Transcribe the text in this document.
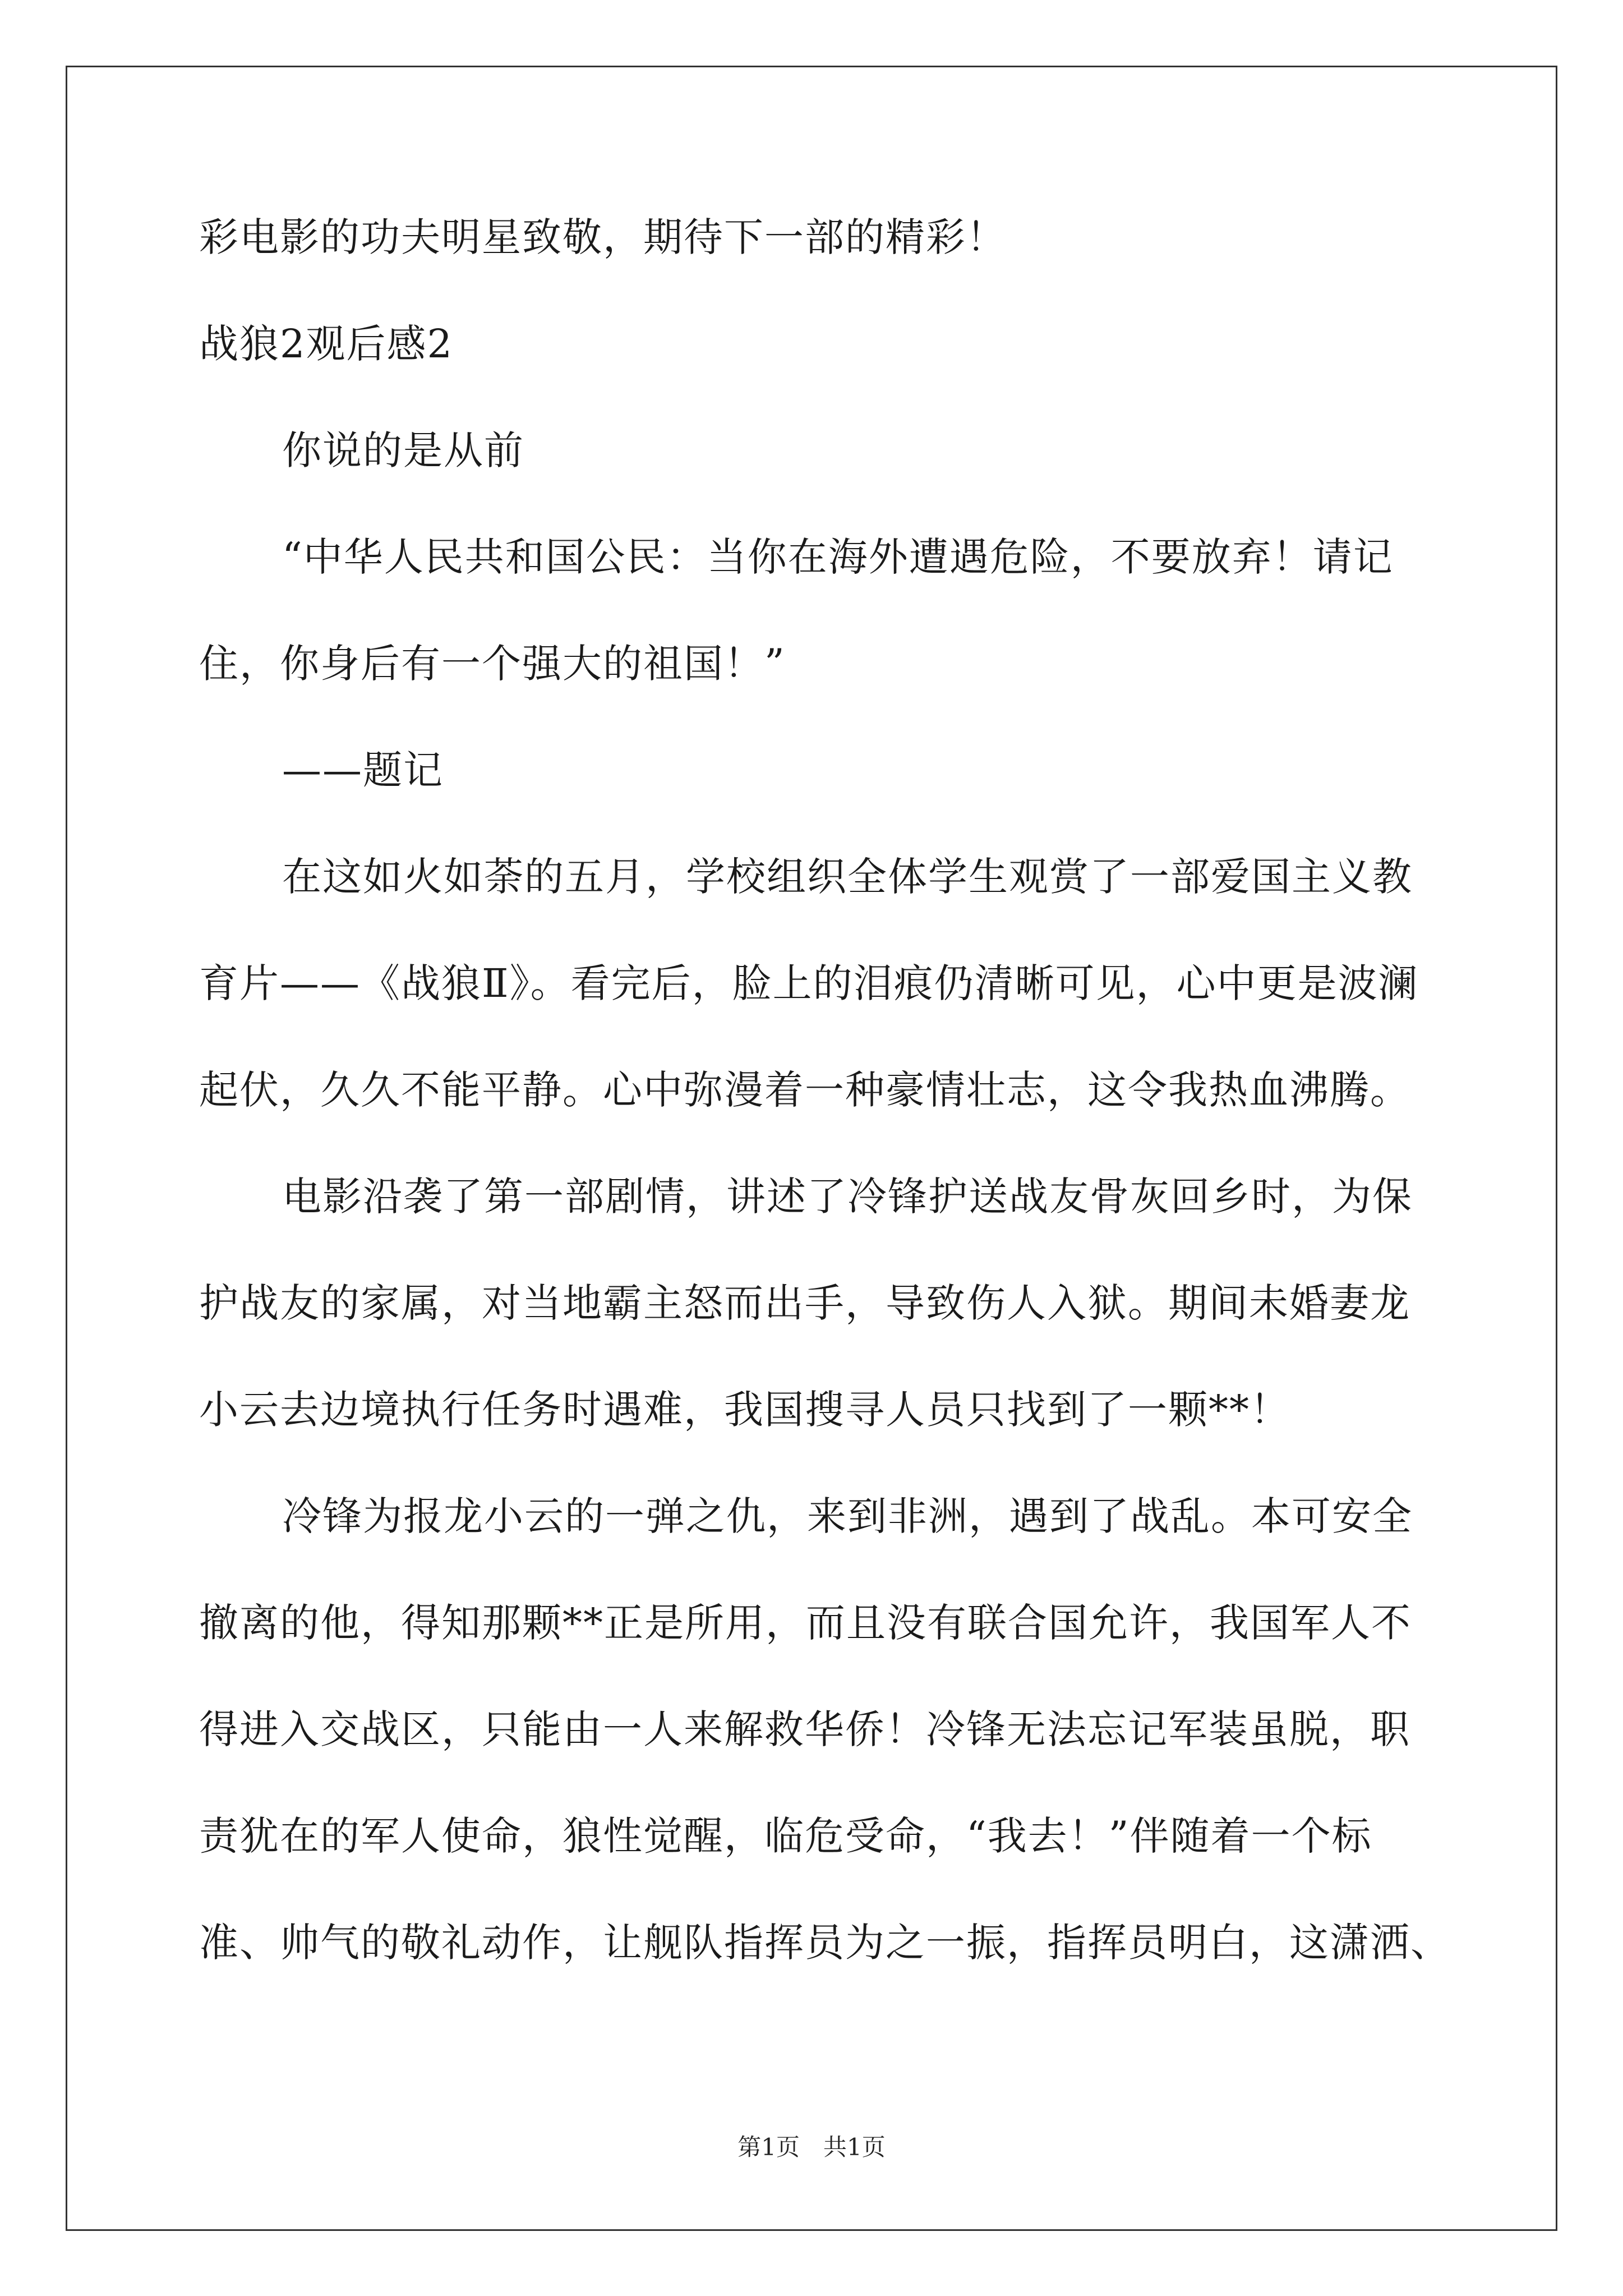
彩电影的功夫明星致敬，期待下一部的精彩！
战狼2观后感2
你说的是从前
“中华人民共和国公民：当你在海外遭遇危险，不要放弃！请记
住，你身后有一个强大的祖国！”
——题记
在这如火如荼的五月，学校组织全体学生观赏了一部爱国主义教
育片——《战狼Ⅱ》。看完后，脸上的泪痕仍清晰可见，心中更是波澜
起伏，久久不能平静。心中弥漫着一种豪情壮志，这令我热血沸腾。
电影沿袭了第一部剧情，讲述了冷锋护送战友骨灰回乡时，为保
护战友的家属，对当地霸主怒而出手，导致伤人入狱。期间未婚妻龙
小云去边境执行任务时遇难，我国搜寻人员只找到了一颗**！
冷锋为报龙小云的一弹之仇，来到非洲，遇到了战乱。本可安全
撤离的他，得知那颗**正是所用，而且没有联合国允许，我国军人不
得进入交战区，只能由一人来解救华侨！冷锋无法忘记军装虽脱，职
责犹在的军人使命，狼性觉醒，临危受命，“我去！”伴随着一个标
准、帅气的敬礼动作，让舰队指挥员为之一振，指挥员明白，这潇洒、
第1页　共1页
